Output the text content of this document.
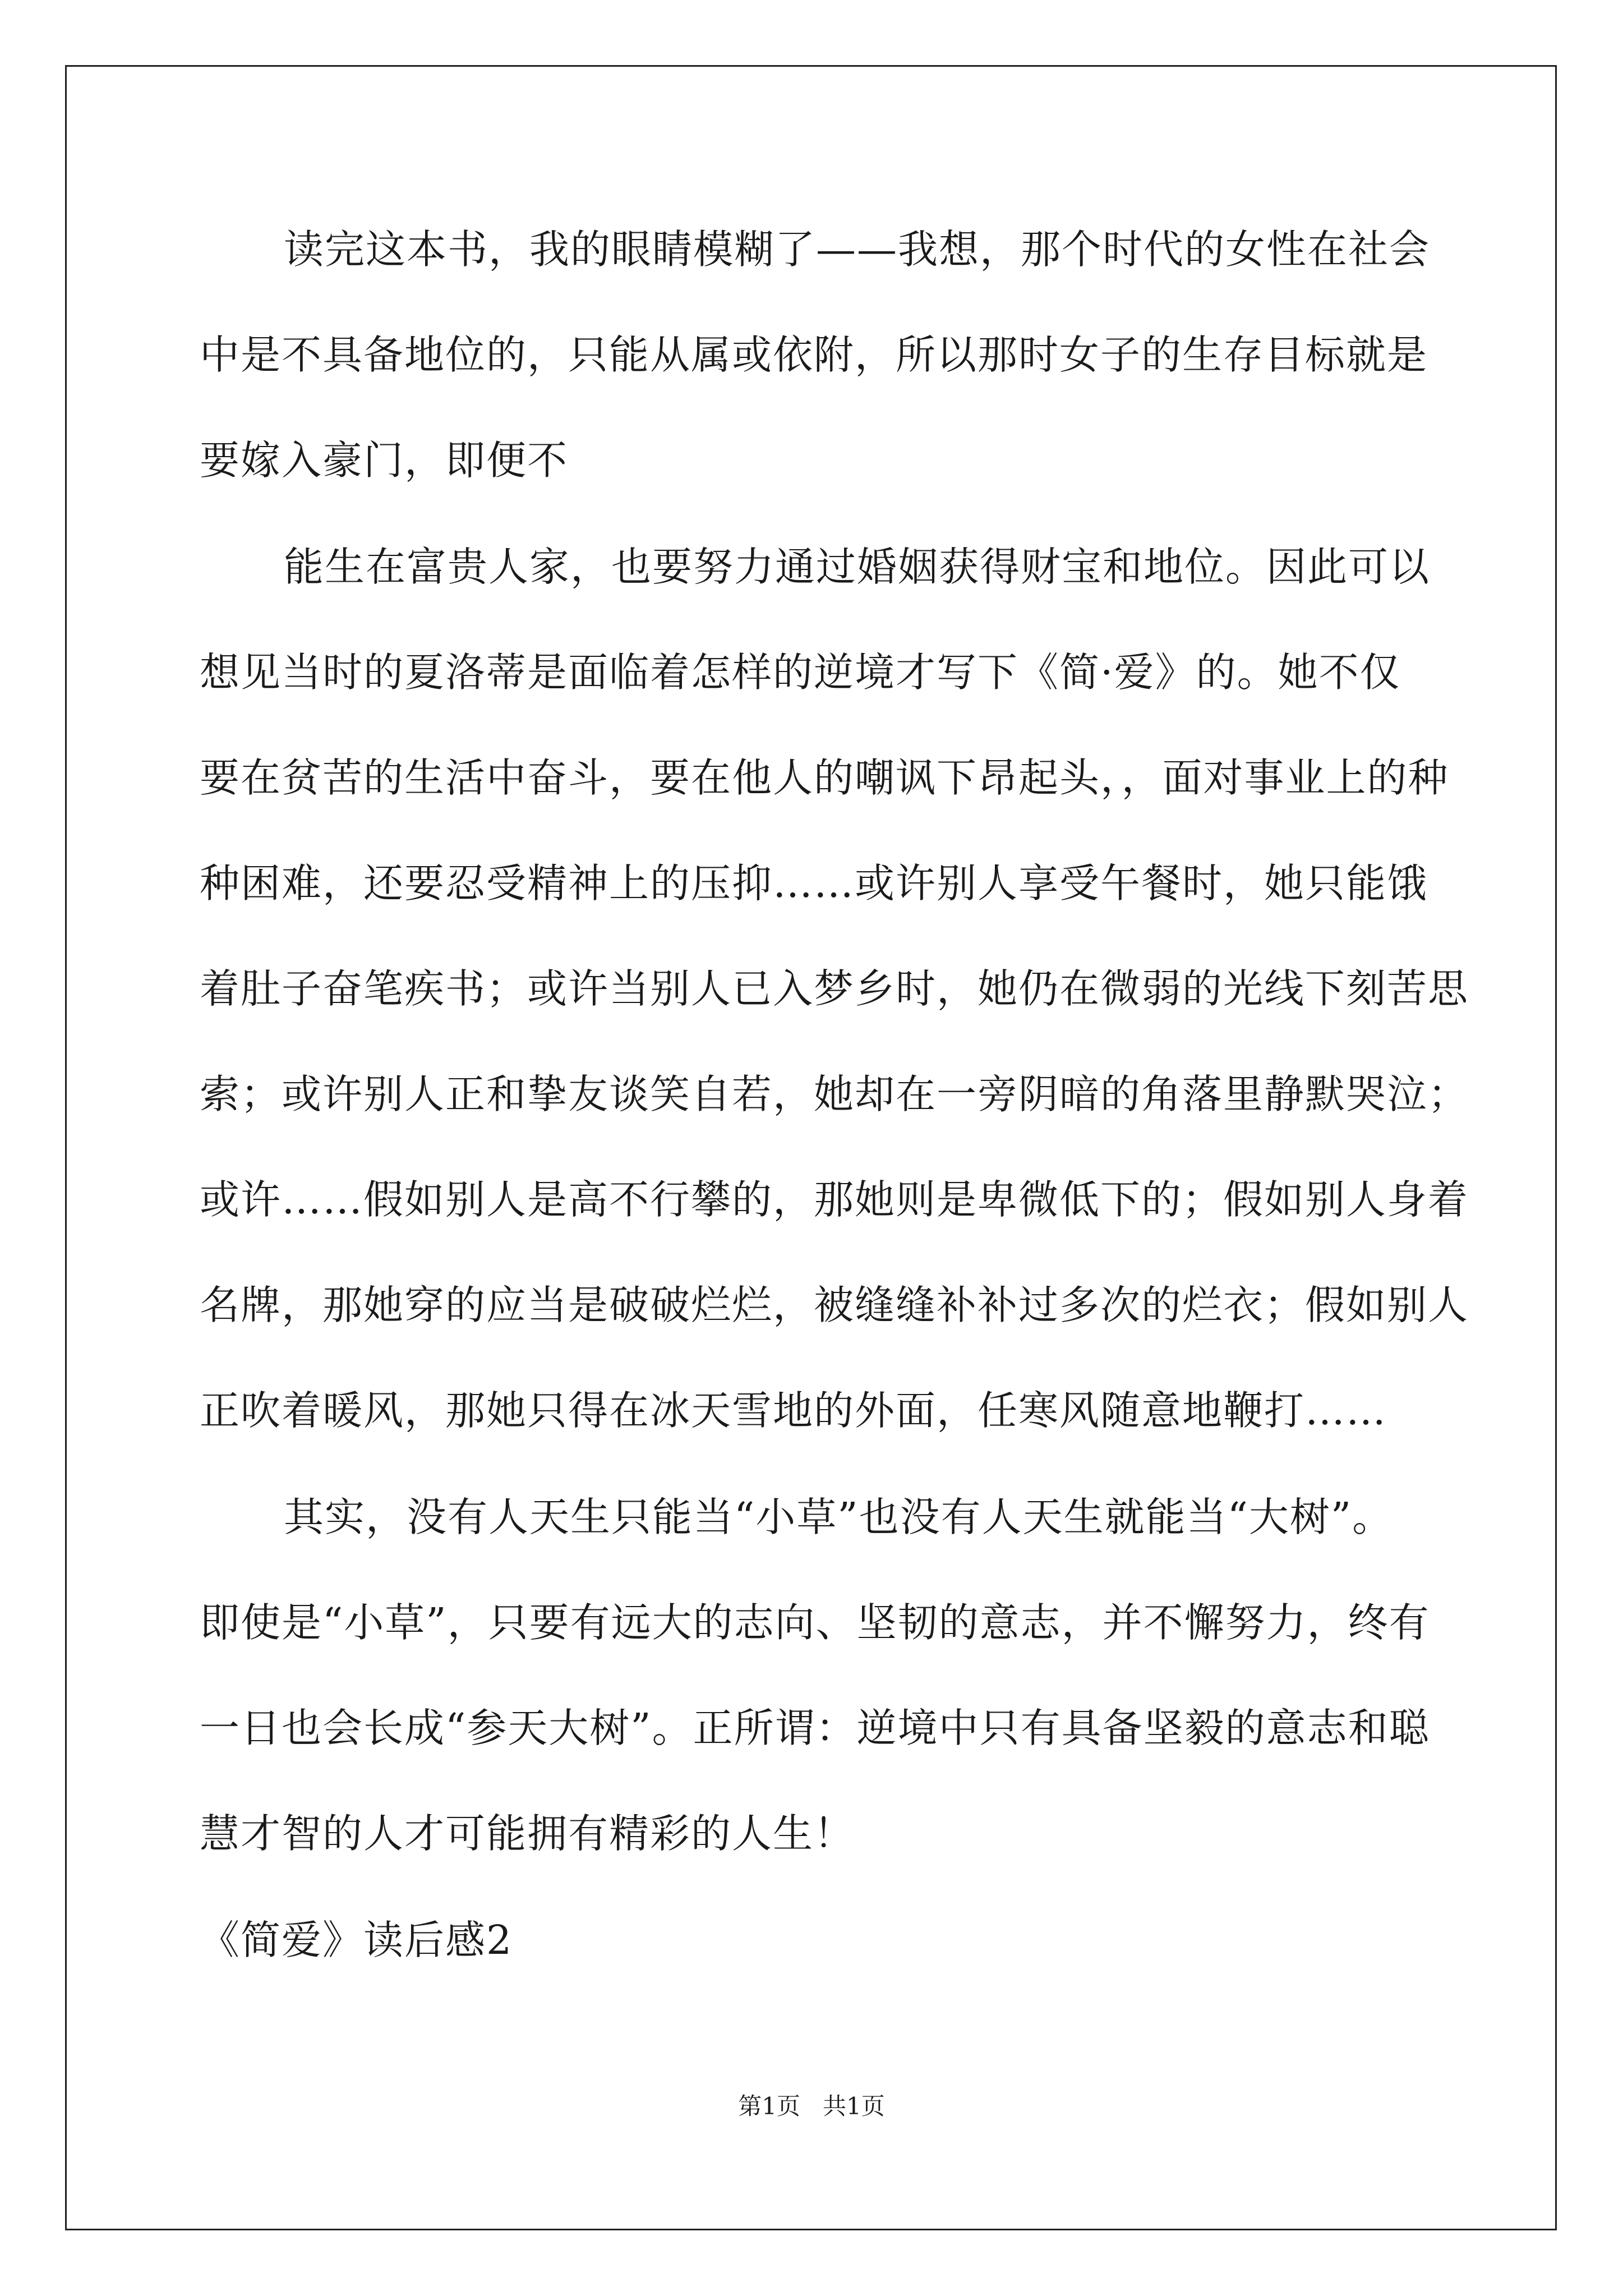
读完这本书，我的眼睛模糊了——我想，那个时代的女性在社会
中是不具备地位的，只能从属或依附，所以那时女子的生存目标就是
要嫁入豪门，即便不
能生在富贵人家，也要努力通过婚姻获得财宝和地位。因此可以
想见当时的夏洛蒂是面临着怎样的逆境才写下《简·爱》的。她不仅
要在贫苦的生活中奋斗，要在他人的嘲讽下昂起头，，面对事业上的种
种困难，还要忍受精神上的压抑……或许别人享受午餐时，她只能饿
着肚子奋笔疾书；或许当别人已入梦乡时，她仍在微弱的光线下刻苦思
索；或许别人正和挚友谈笑自若，她却在一旁阴暗的角落里静默哭泣；
或许……假如别人是高不行攀的，那她则是卑微低下的；假如别人身着
名牌，那她穿的应当是破破烂烂，被缝缝补补过多次的烂衣；假如别人
正吹着暖风，那她只得在冰天雪地的外面，任寒风随意地鞭打……
其实，没有人天生只能当“小草”也没有人天生就能当“大树”。
即使是“小草”，只要有远大的志向、坚韧的意志，并不懈努力，终有
一日也会长成“参天大树”。正所谓：逆境中只有具备坚毅的意志和聪
慧才智的人才可能拥有精彩的人生！
《简爱》读后感2
第1页   共1页
